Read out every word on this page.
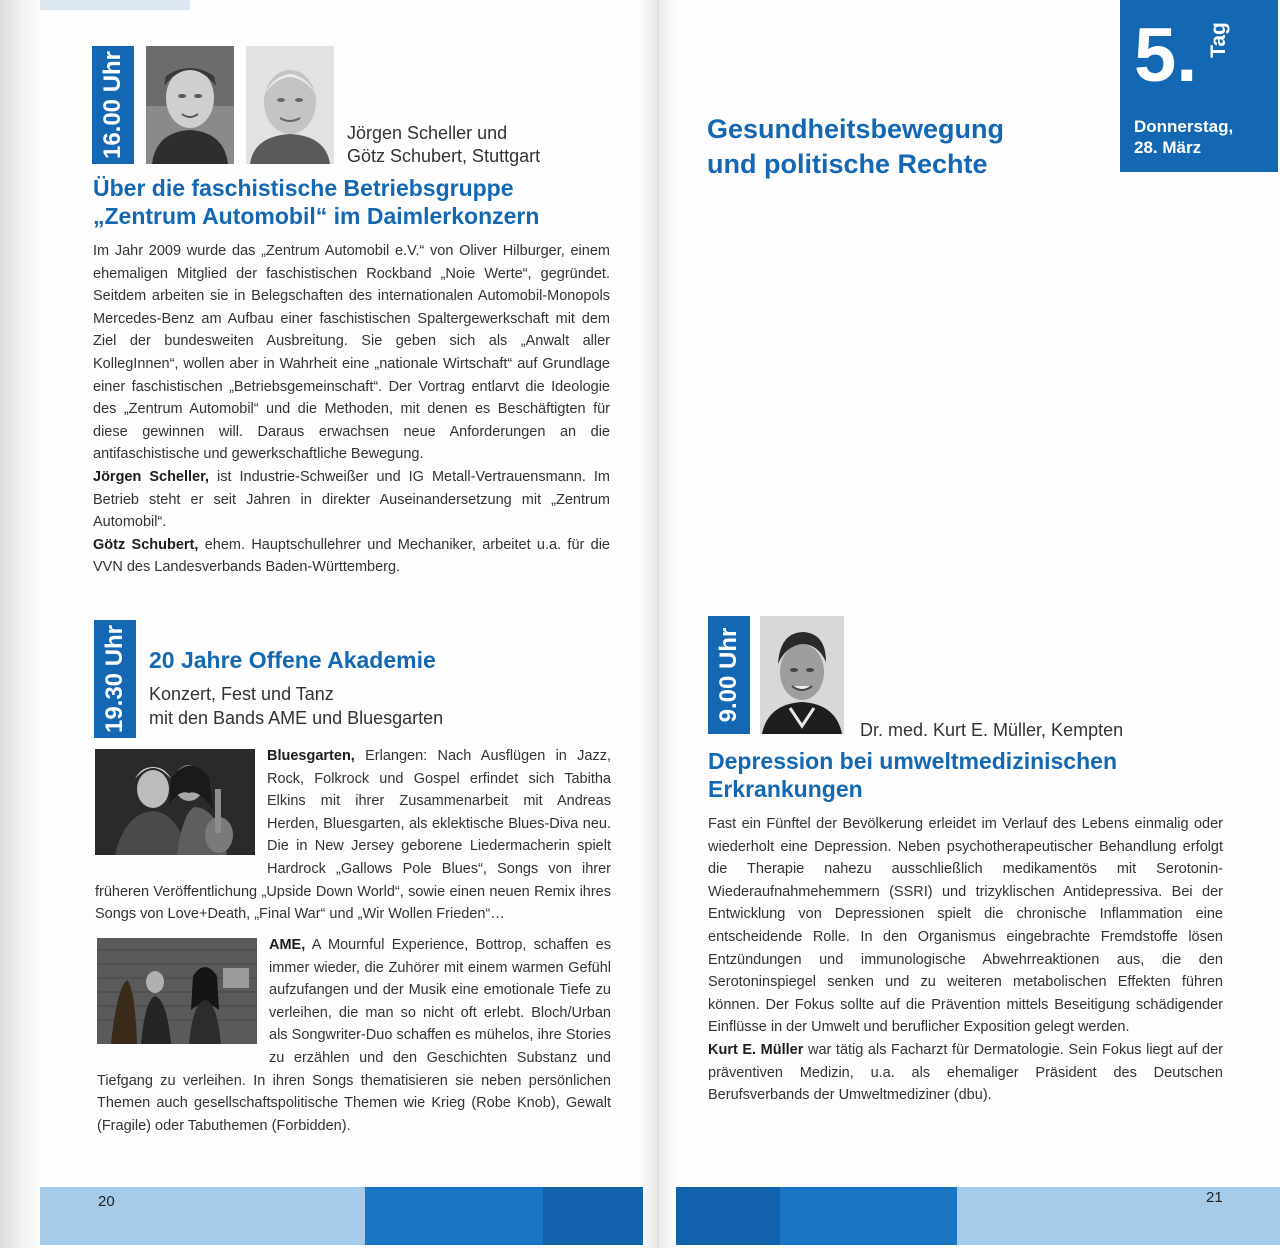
16.00 Uhr	Jörgen Scheller und
Götz Schubert, Stuttgart
Über die faschistische Betriebsgruppe
„Zentrum Automobil“ im Daimlerkonzern

Im Jahr 2009 wurde das „Zentrum Automobil e.V.“ von Oliver Hilburger, einem ehemaligen Mitglied der faschistischen Rockband „Noie Werte“, gegründet. Seitdem arbeiten sie in Belegschaften des internationalen Automobil-Monopols Mercedes-Benz am Aufbau einer faschistischen Spaltergewerkschaft mit dem Ziel der bundesweiten Ausbreitung. Sie geben sich als „Anwalt aller KollegInnen“, wollen aber in Wahrheit eine „nationale Wirtschaft“ auf Grundlage einer faschistischen „Betriebsgemeinschaft“. Der Vortrag entlarvt die Ideologie des „Zentrum Automobil“ und die Methoden, mit denen es Beschäftigten für diese gewinnen will. Daraus erwachsen neue Anforderungen an die antifaschistische und gewerkschaftliche Bewegung.

Jörgen Scheller, ist Industrie-Schweißer und IG Metall-Vertrauensmann. Im Betrieb steht er seit Jahren in direkter Auseinandersetzung mit „Zentrum Automobil“.

Götz Schubert, ehem. Hauptschullehrer und Mechaniker, arbeitet u.a. für die VVN des Landesverbands Baden-Württemberg.

19.30 Uhr 20 Jahre Offene Akademie
Konzert, Fest und Tanz
mit den Bands AME und Bluesgarten

Bluesgarten, Erlangen: Nach Ausflügen in Jazz, Rock, Folkrock und Gospel erfindet sich Tabitha Elkins mit ihrer Zusammenarbeit mit Andreas Herden, Bluesgarten, als eklektische Blues-Diva neu. Die in New Jersey geborene Liedermacherin spielt Hardrock „Gallows Pole Blues“, Songs von ihrer früheren Veröffentlichung „Upside Down World“, sowie einen neuen Remix ihres Songs von Love+Death, „Final War“ und „Wir Wollen Frieden“…

AME, A Mournful Experience, Bottrop, schaffen es immer wieder, die Zuhörer mit einem warmen Gefühl aufzufangen und der Musik eine emotionale Tiefe zu verleihen, die man so nicht oft erlebt. Bloch/Urban als Songwriter-Duo schaffen es mühelos, ihre Stories zu erzählen und den Geschichten Substanz und Tiefgang zu verleihen. In ihren Songs thematisieren sie neben persönlichen Themen auch gesellschaftspolitische Themen wie Krieg (Robe Knob), Gewalt (Fragile) oder Tabuthemen (Forbidden).

20
5. Tag
Donnerstag,
28. März
Gesundheitsbewegung
und politische Rechte
9.00 Uhr
Dr. med. Kurt E. Müller, Kempten
Depression bei umweltmedizinischen
Erkrankungen

Fast ein Fünftel der Bevölkerung erleidet im Verlauf des Lebens einmalig oder wiederholt eine Depression. Neben psychotherapeutischer Behandlung erfolgt die Therapie nahezu ausschließlich medikamentös mit Serotonin-Wiederaufnahmehemmern (SSRI) und trizyklischen Antidepressiva. Bei der Entwicklung von Depressionen spielt die chronische Inflammation eine entscheidende Rolle. In den Organismus eingebrachte Fremdstoffe lösen Entzündungen und immunologische Abwehrreaktionen aus, die den Serotoninspiegel senken und zu weiteren metabolischen Effekten führen können. Der Fokus sollte auf die Prävention mittels Beseitigung schädigender Einflüsse in der Umwelt und beruflicher Exposition gelegt werden.

Kurt E. Müller war tätig als Facharzt für Dermatologie. Sein Fokus liegt auf der präventiven Medizin, u.a. als ehemaliger Präsident des Deutschen Berufsverbands der Umweltmediziner (dbu).

21
